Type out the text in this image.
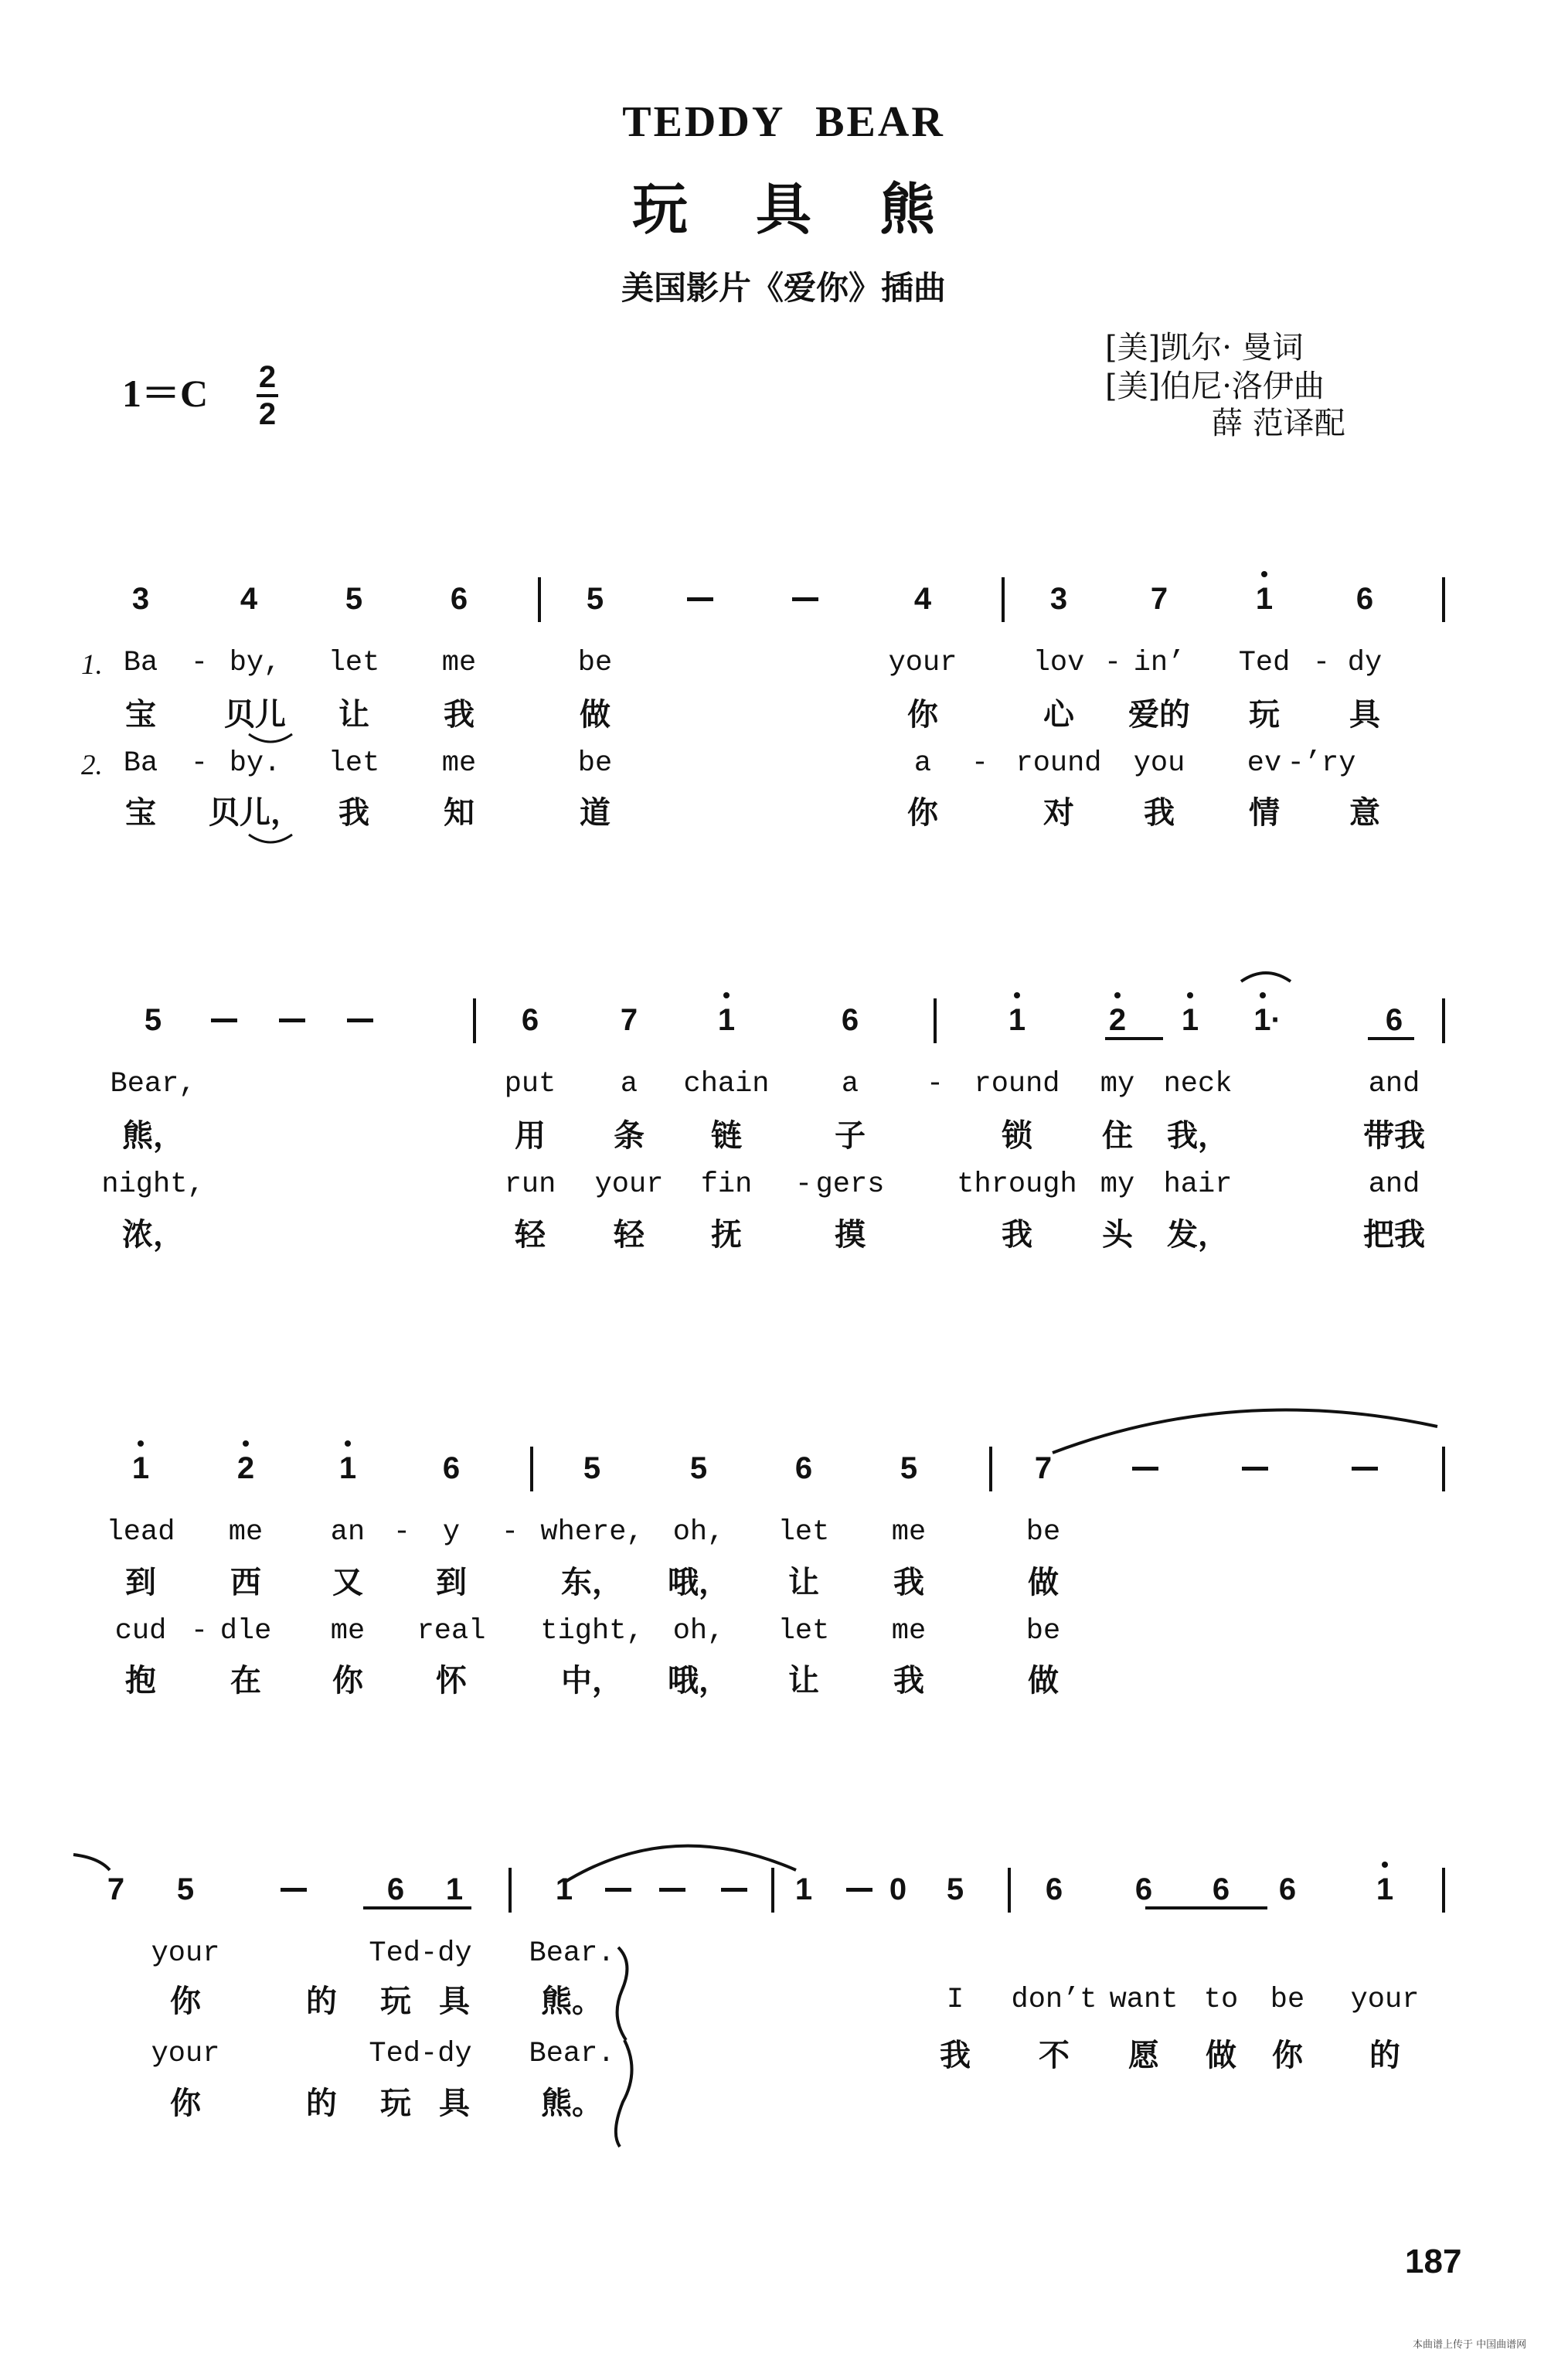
TEDDY BEAR
玩具熊
美国影片《爱你》插曲
1＝C 2
2
[美]凯尔· 曼词
[美]伯尼·洛伊曲
薛 范译配
3	4	5	6	5	4	3	7	1	6
1. Ba - by, let me	be	your	lov - in’ Ted - dy
宝 贝儿 让 我	做	你	心 爱的 玩 具
2. Ba - by. let me	be	a - round you ev -’ry
宝 贝儿， 我 知	道	你	对 我 情 意
5	6	7	1	6	1	2 1 1·	6
Bear,	put a chain	a - round my neck	and
熊，	用 条 链	子	锁 住 我，	带我
night,	run your fin - gers	through my hair	and
浓，	轻 轻 抚	摸	我 头 发，	把我
1	2	1	6	5	5	6	5	7
lead me an - y - where, oh, let me	be
到 西 又 到	东， 哦， 让 我	做
cud - dle me real tight, oh, let me	be
抱 在 你 怀	中， 哦， 让 我	做
7 5	6 1	1	1 0 5	6 6 6 6	1
your	Ted-dy Bear.
你	的 玩 具 熊。	I don’t want to be your
your	Ted-dy Bear.	我 不 愿 做 你 的
你	的 玩 具 熊。
187
本曲谱上传于 中国曲谱网
